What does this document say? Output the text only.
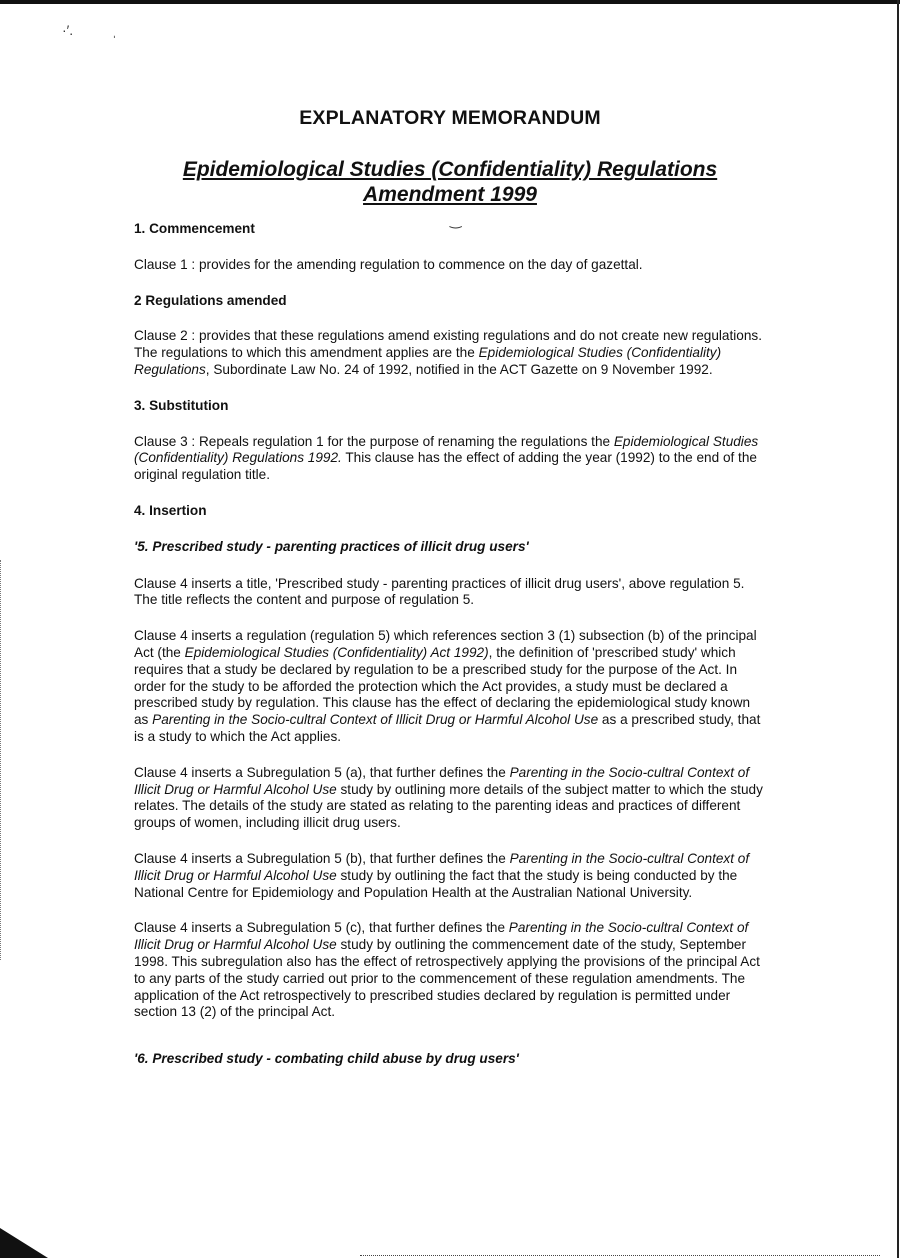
·′.	ˌ
‿
EXPLANATORY MEMORANDUM
Epidemiological Studies (Confidentiality) Regulations
Amendment 1999
1. Commencement
Clause 1 : provides for the amending regulation to commence on the day of gazettal.
2 Regulations amended
Clause 2 : provides that these regulations amend existing regulations and do not create new regulations. The regulations to which this amendment applies are the Epidemiological Studies (Confidentiality) Regulations, Subordinate Law No. 24 of 1992, notified in the ACT Gazette on 9 November 1992.
3. Substitution
Clause 3 : Repeals regulation 1 for the purpose of renaming the regulations the Epidemiological Studies (Confidentiality) Regulations 1992. This clause has the effect of adding the year (1992) to the end of the original regulation title.
4. Insertion
'5. Prescribed study - parenting practices of illicit drug users'
Clause 4 inserts a title, 'Prescribed study - parenting practices of illicit drug users', above regulation 5. The title reflects the content and purpose of regulation 5.
Clause 4 inserts a regulation (regulation 5) which references section 3 (1) subsection (b) of the principal Act (the Epidemiological Studies (Confidentiality) Act 1992), the definition of 'prescribed study' which requires that a study be declared by regulation to be a prescribed study for the purpose of the Act. In order for the study to be afforded the protection which the Act provides, a study must be declared a prescribed study by regulation. This clause has the effect of declaring the epidemiological study known as Parenting in the Socio-cultral Context of Illicit Drug or Harmful Alcohol Use as a prescribed study, that is a study to which the Act applies.
Clause 4 inserts a Subregulation 5 (a), that further defines the Parenting in the Socio-cultral Context of Illicit Drug or Harmful Alcohol Use study by outlining more details of the subject matter to which the study relates. The details of the study are stated as relating to the parenting ideas and practices of different groups of women, including illicit drug users.
Clause 4 inserts a Subregulation 5 (b), that further defines the Parenting in the Socio-cultral Context of Illicit Drug or Harmful Alcohol Use study by outlining the fact that the study is being conducted by the National Centre for Epidemiology and Population Health at the Australian National University.
Clause 4 inserts a Subregulation 5 (c), that further defines the Parenting in the Socio-cultral Context of Illicit Drug or Harmful Alcohol Use study by outlining the commencement date of the study, September 1998. This subregulation also has the effect of retrospectively applying the provisions of the principal Act to any parts of the study carried out prior to the commencement of these regulation amendments. The application of the Act retrospectively to prescribed studies declared by regulation is permitted under section 13 (2) of the principal Act.
'6. Prescribed study - combating child abuse by drug users'
